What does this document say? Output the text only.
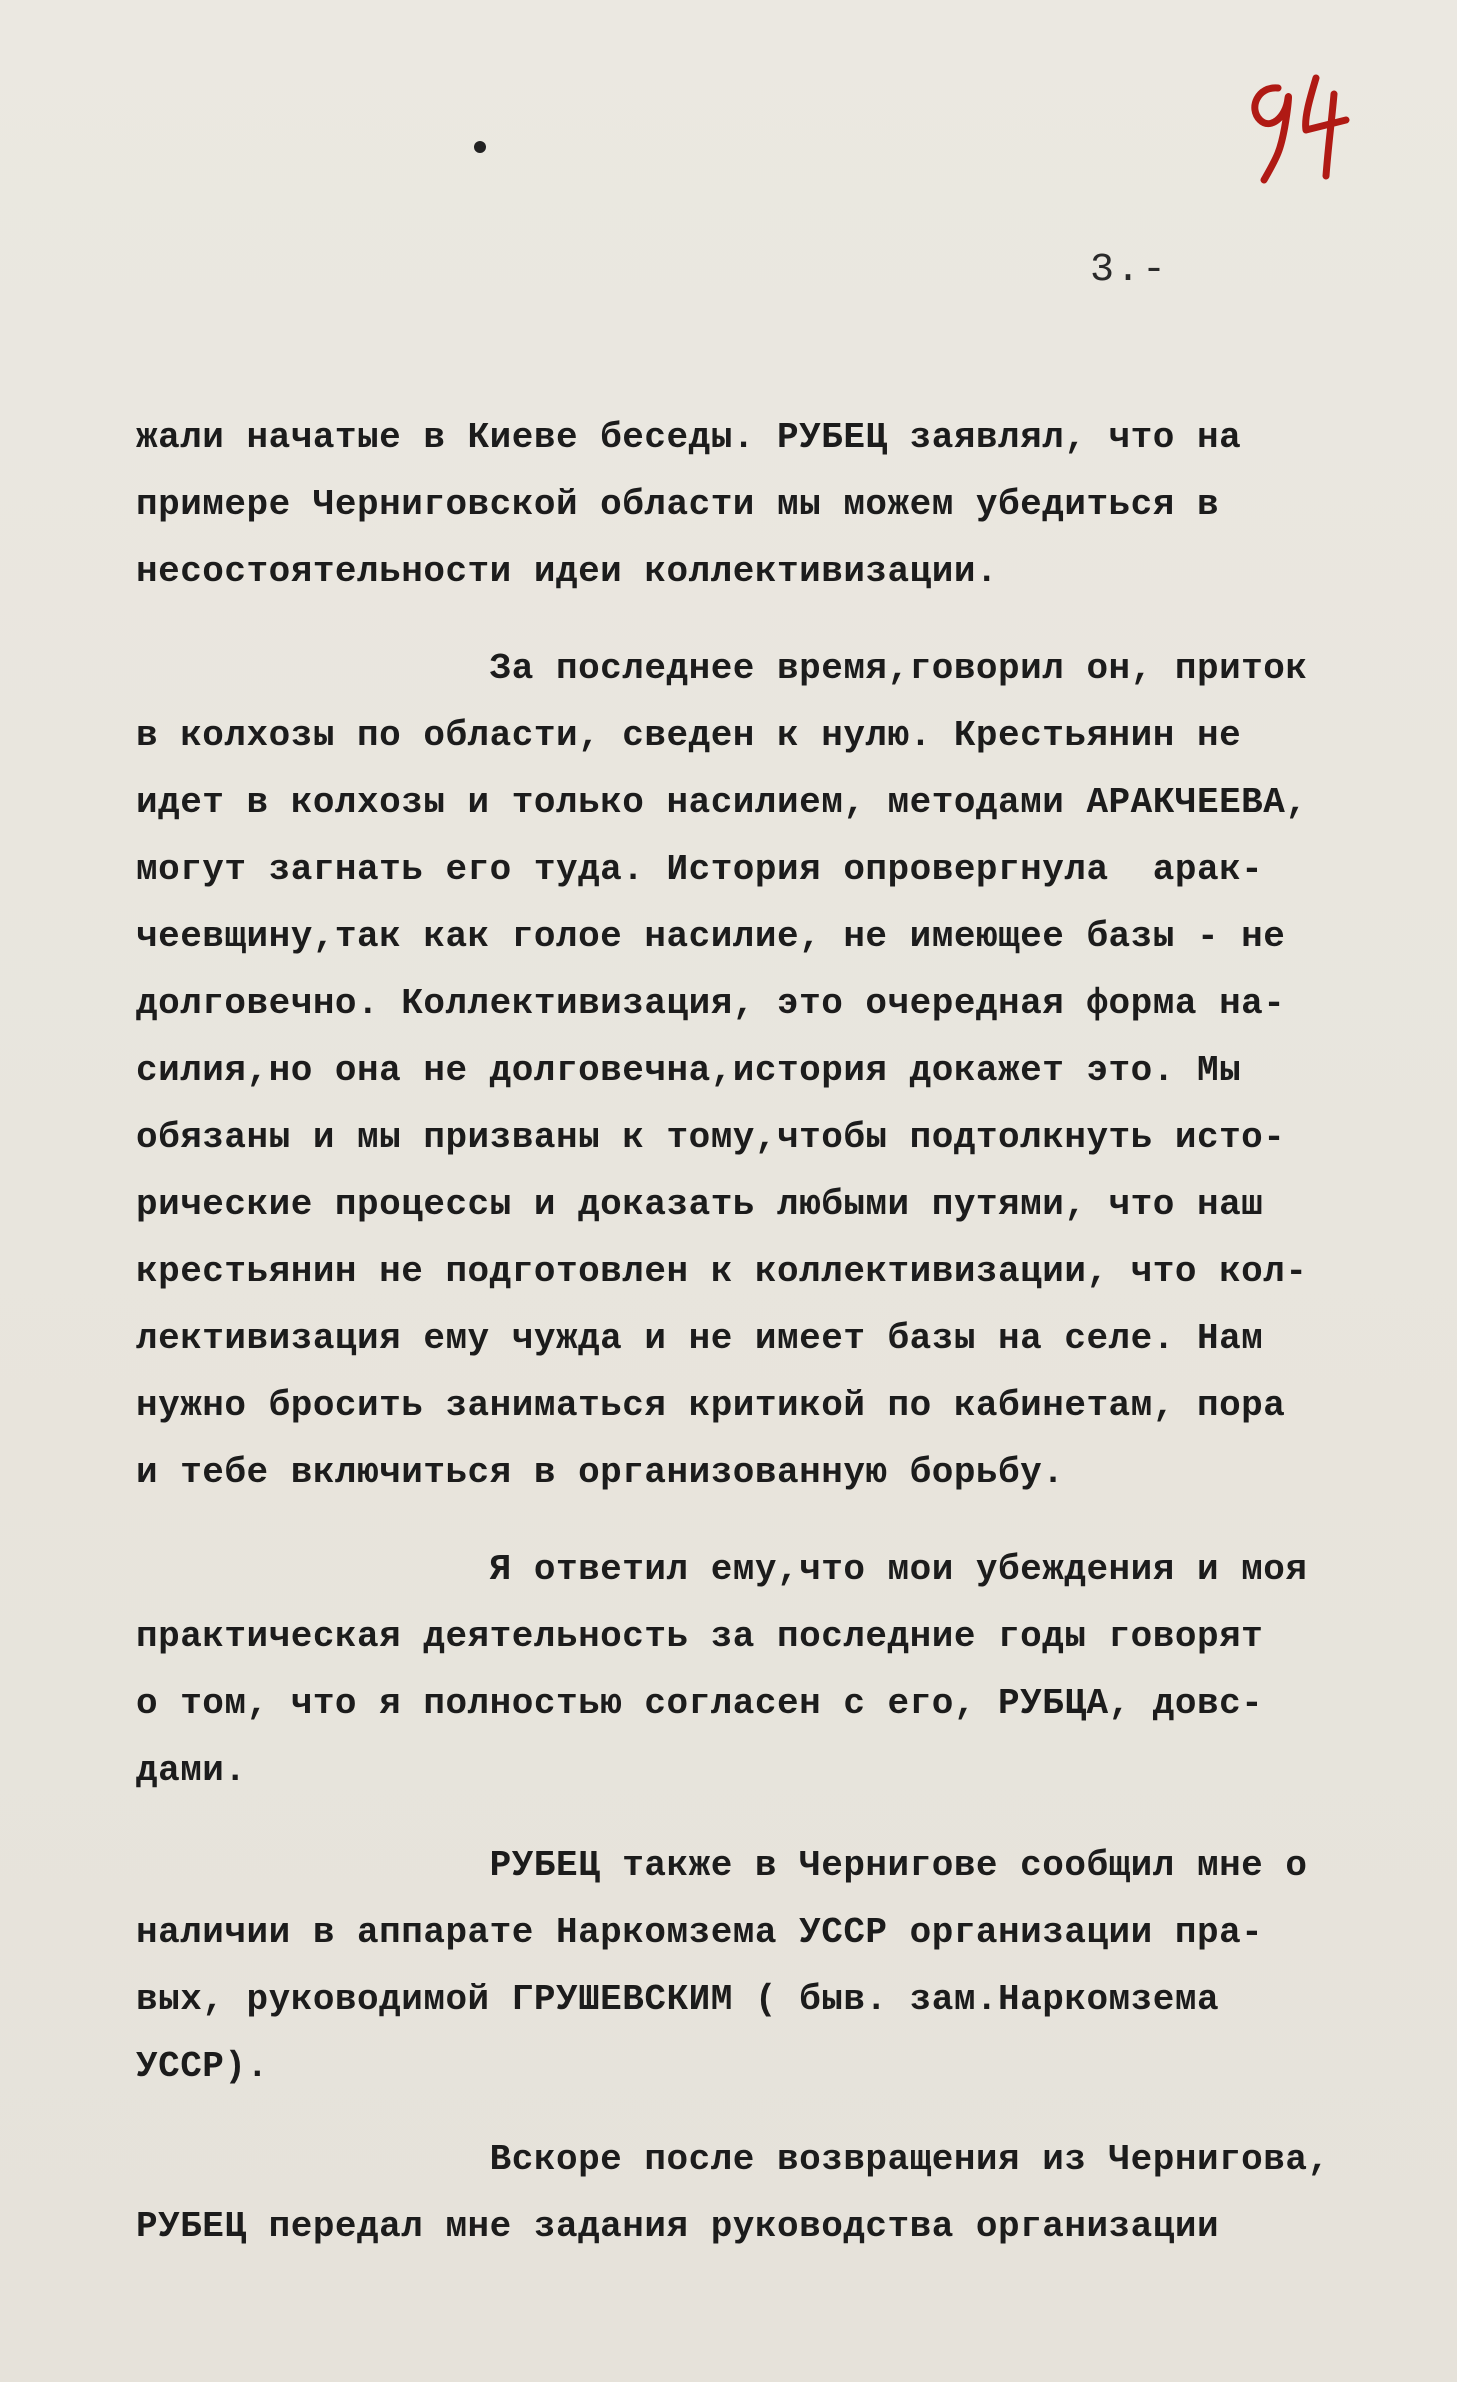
3.-
жали начатые в Киеве беседы. РУБЕЦ заявлял, что на
примере Черниговской области мы можем убедиться в
несостоятельности идеи коллективизации.
За последнее время,говорил он, приток
в колхозы по области, сведен к нулю. Крестьянин не
идет в колхозы и только насилием, методами АРАКЧЕЕВА,
могут загнать его туда. История опровергнула  арак-
чеевщину,так как голое насилие, не имеющее базы - не
долговечно. Коллективизация, это очередная форма на-
силия,но она не долговечна,история докажет это. Мы
обязаны и мы призваны к тому,чтобы подтолкнуть исто-
рические процессы и доказать любыми путями, что наш
крестьянин не подготовлен к коллективизации, что кол-
лективизация ему чужда и не имеет базы на селе. Нам
нужно бросить заниматься критикой по кабинетам, пора
и тебе включиться в организованную борьбу.
Я ответил ему,что мои убеждения и моя
практическая деятельность за последние годы говорят
о том, что я полностью согласен с его, РУБЦА, довс-
дами.
РУБЕЦ также в Чернигове сообщил мне о
наличии в аппарате Наркомзема УССР организации пра-
вых, руководимой ГРУШЕВСКИМ ( быв. зам.Наркомзема
УССР).
Вскоре после возвращения из Чернигова,
РУБЕЦ передал мне задания руководства организации
